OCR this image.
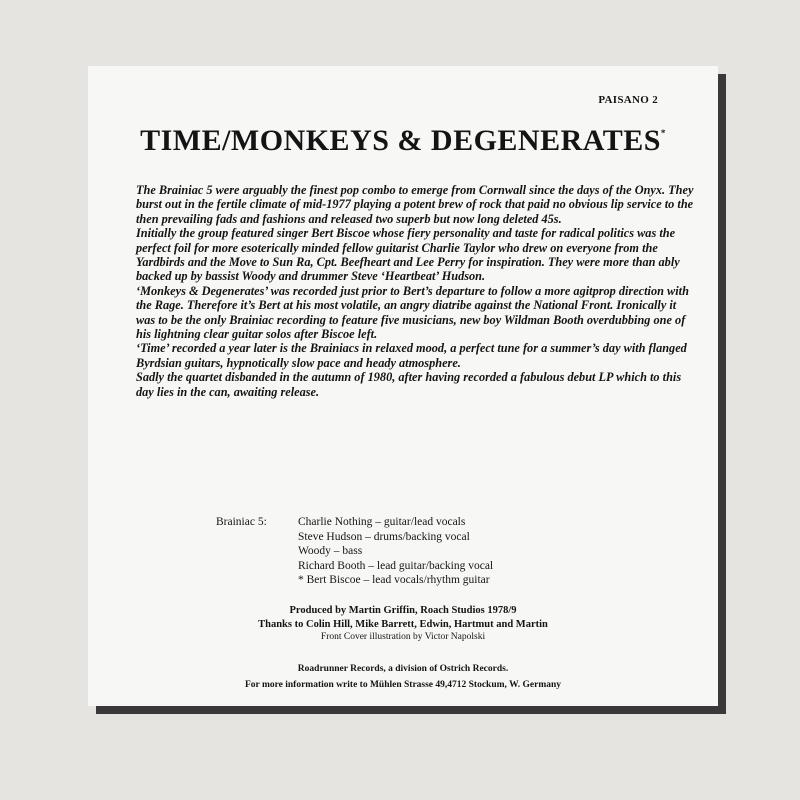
PAISANO 2
TIME/MONKEYS & DEGENERATES*

The Brainiac 5 were arguably the finest pop combo to emerge from Cornwall since the days of the Onyx. They burst out in the fertile climate of mid-1977 playing a potent brew of rock that paid no obvious lip service to the then prevailing fads and fashions and released two superb but now long deleted 45s.

Initially the group featured singer Bert Biscoe whose fiery personality and taste for radical politics was the perfect foil for more esoterically minded fellow guitarist Charlie Taylor who drew on everyone from the Yardbirds and the Move to Sun Ra, Cpt. Beefheart and Lee Perry for inspiration. They were more than ably backed up by bassist Woody and drummer Steve ‘Heartbeat’ Hudson.

‘Monkeys & Degenerates’ was recorded just prior to Bert’s departure to follow a more agitprop direction with the Rage. Therefore it’s Bert at his most volatile, an angry diatribe against the National Front. Ironically it was to be the only Brainiac recording to feature five musicians, new boy Wildman Booth overdubbing one of his lightning clear guitar solos after Biscoe left.

‘Time’ recorded a year later is the Brainiacs in relaxed mood, a perfect tune for a summer’s day with flanged Byrdsian guitars, hypnotically slow pace and heady atmosphere.

Sadly the quartet disbanded in the autumn of 1980, after having recorded a fabulous debut LP which to this day lies in the can, awaiting release.

Brainiac 5:	Charlie Nothing – guitar/lead vocals
Steve Hudson – drums/backing vocal
Woody – bass
Richard Booth – lead guitar/backing vocal
* Bert Biscoe – lead vocals/rhythm guitar
Produced by Martin Griffin, Roach Studios 1978/9
Thanks to Colin Hill, Mike Barrett, Edwin, Hartmut and Martin
Front Cover illustration by Victor Napolski
Roadrunner Records, a division of Ostrich Records.
For more information write to Mühlen Strasse 49,4712 Stockum, W. Germany
